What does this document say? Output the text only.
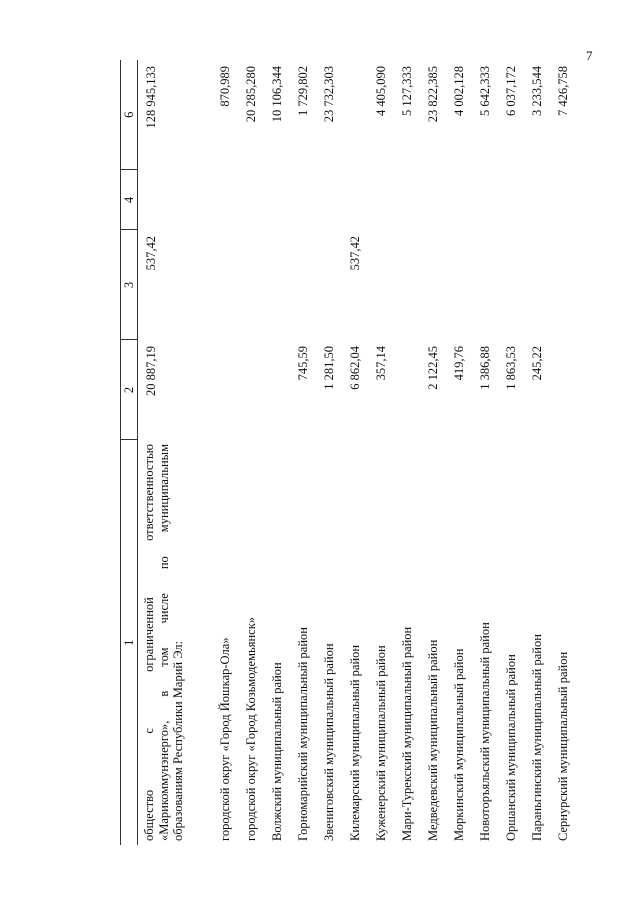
7
1	2	3	4	6

общество с ограниченной ответственностью «Марикоммунэнерго», в том числе по муниципальным образованиям Республики Марий Эл:	20 887,19	537,42		128 945,133
городской округ «Город Йошкар-Ола»				870,989
городской округ «Город Козьмодемьянск»				20 285,280
Волжский муниципальный район				10 106,344
Горномарийский муниципальный район	745,59			1 729,802
Звениговский муниципальный район	1 281,50			23 732,303
Килемарский муниципальный район	6 862,04	537,42		
Куженерский муниципальный район	357,14			4 405,090
Мари-Турекский муниципальный район				5 127,333
Медведевский муниципальный район	2 122,45			23 822,385
Моркинский муниципальный район	419,76			4 002,128
Новоторъяльский муниципальный район	1 386,88			5 642,333
Оршанский муниципальный район	1 863,53			6 037,172
Параньгинский муниципальный район	245,22			3 233,544
Сернурский муниципальный район				7 426,758
